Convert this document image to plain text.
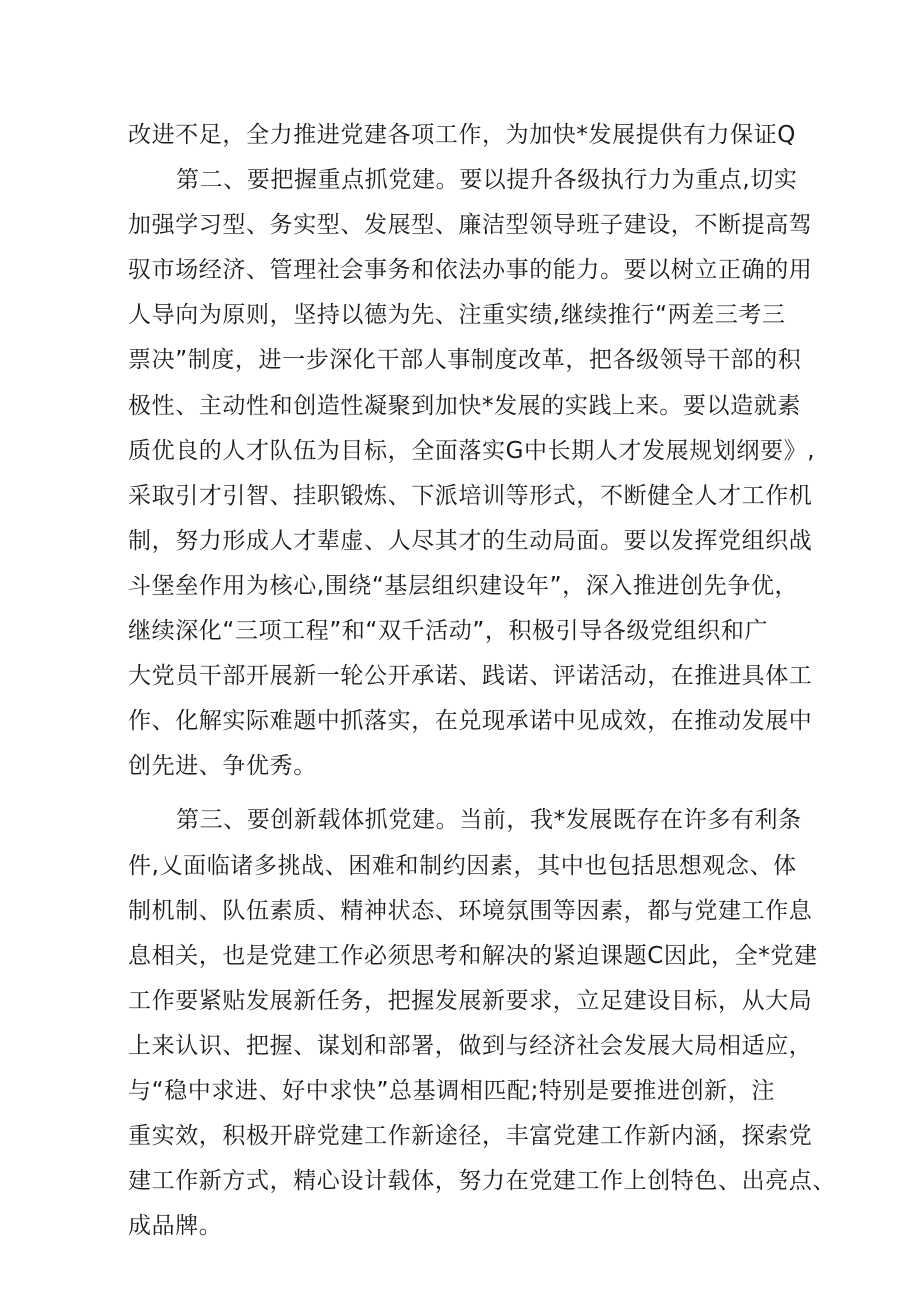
改进不足，全力推进党建各项工作，为加快*发展提供有力保证Q
第二、要把握重点抓党建。要以提升各级执行力为重点,切实
加强学习型、务实型、发展型、廉洁型领导班子建设，不断提高驾
驭市场经济、管理社会事务和依法办事的能力。要以树立正确的用
人导向为原则，坚持以德为先、注重实绩,继续推行“两差三考三
票决”制度，进一步深化干部人事制度改革，把各级领导干部的积
极性、主动性和创造性凝聚到加快*发展的实践上来。要以造就素
质优良的人才队伍为目标，全面落实G中长期人才发展规划纲要》,
采取引才引智、挂职锻炼、下派培训等形式，不断健全人才工作机
制，努力形成人才辈虚、人尽其才的生动局面。要以发挥党组织战
斗堡垒作用为核心,围绕“基层组织建设年”，深入推进创先争优，
继续深化“三项工程”和“双千活动”，积极引导各级党组织和广
大党员干部开展新一轮公开承诺、践诺、评诺活动，在推进具体工
作、化解实际难题中抓落实，在兑现承诺中见成效，在推动发展中
创先进、争优秀。
第三、要创新载体抓党建。当前，我*发展既存在许多有利条
件,乂面临诸多挑战、困难和制约因素，其中也包括思想观念、体
制机制、队伍素质、精神状态、环境氛围等因素，都与党建工作息
息相关，也是党建工作必须思考和解决的紧迫课题C因此，全*党建
工作要紧贴发展新任务，把握发展新要求，立足建设目标，从大局
上来认识、把握、谋划和部署，做到与经济社会发展大局相适应，
与“稳中求进、好中求快”总基调相匹配;特别是要推进创新，注
重实效，积极开辟党建工作新途径，丰富党建工作新内涵，探索党
建工作新方式，精心设计载体，努力在党建工作上创特色、出亮点、
成品牌。
